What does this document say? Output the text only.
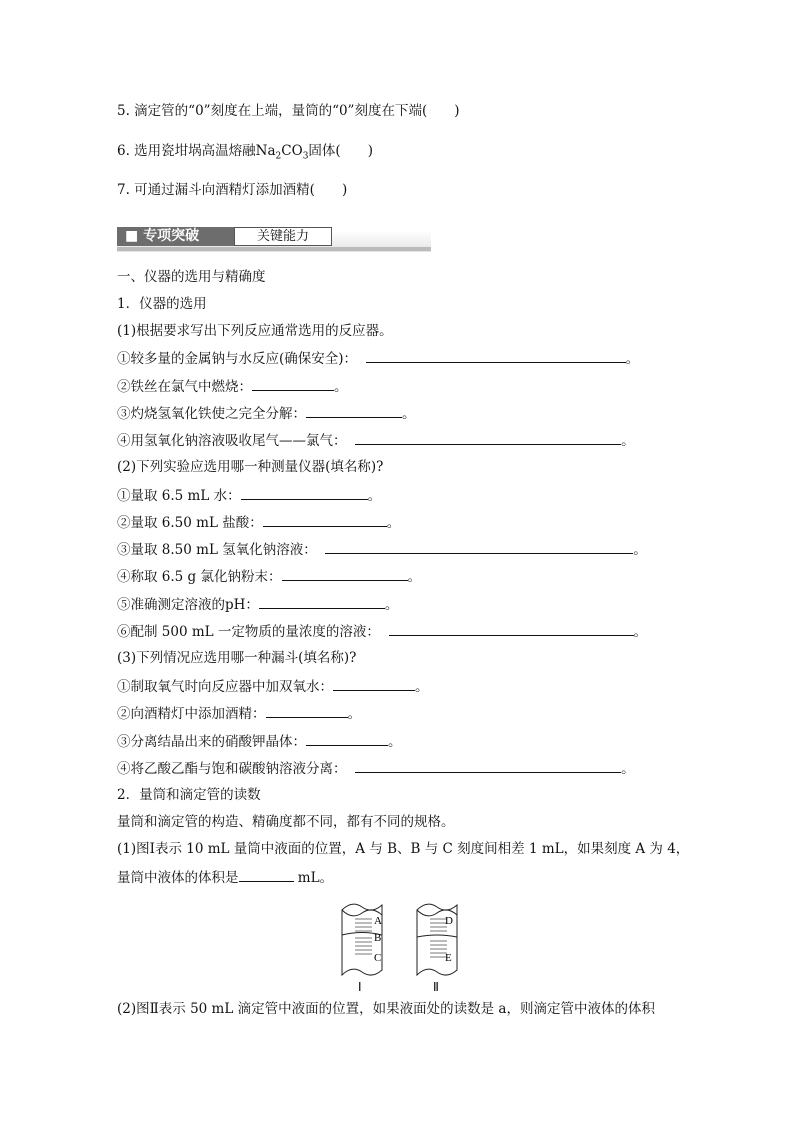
5. 滴定管的“0”刻度在上端，量筒的“0”刻度在下端(　　)
6. 选用瓷坩埚高温熔融$Na_2CO_3$固体(　　)
7. 可通过漏斗向酒精灯添加酒精(　　)
■ 专项突破	关键能力
一、仪器的选用与精确度
1．仪器的选用
(1)根据要求写出下列反应通常选用的反应器。
①较多量的金属钠与水反应(确保安全)：	。
②铁丝在氯气中燃烧：	。
③灼烧氢氧化铁使之完全分解：	。
④用氢氧化钠溶液吸收尾气——氯气：	。
(2)下列实验应选用哪一种测量仪器(填名称)?
①量取 6.5 mL 水：	。
②量取 6.50 mL 盐酸：	。
③量取 8.50 mL 氢氧化钠溶液：	。
④称取 6.5 g 氯化钠粉末：	。
⑤准确测定溶液的pH：	。
⑥配制 500 mL 一定物质的量浓度的溶液：	。
(3)下列情况应选用哪一种漏斗(填名称)?
①制取氧气时向反应器中加双氧水：	。
②向酒精灯中添加酒精：	。
③分离结晶出来的硝酸钾晶体：	。
④将乙酸乙酯与饱和碳酸钠溶液分离：	。
2．量筒和滴定管的读数
量筒和滴定管的构造、精确度都不同，都有不同的规格。
(1)图Ⅰ表示 10 mL 量筒中液面的位置，A 与 B、B 与 C 刻度间相差 1 mL，如果刻度 A 为 4，
量筒中液体的体积是	mL。
A
B
C
D
E
Ⅰ	Ⅱ
(2)图Ⅱ表示 50 mL 滴定管中液面的位置，如果液面处的读数是 a，则滴定管中液体的体积
